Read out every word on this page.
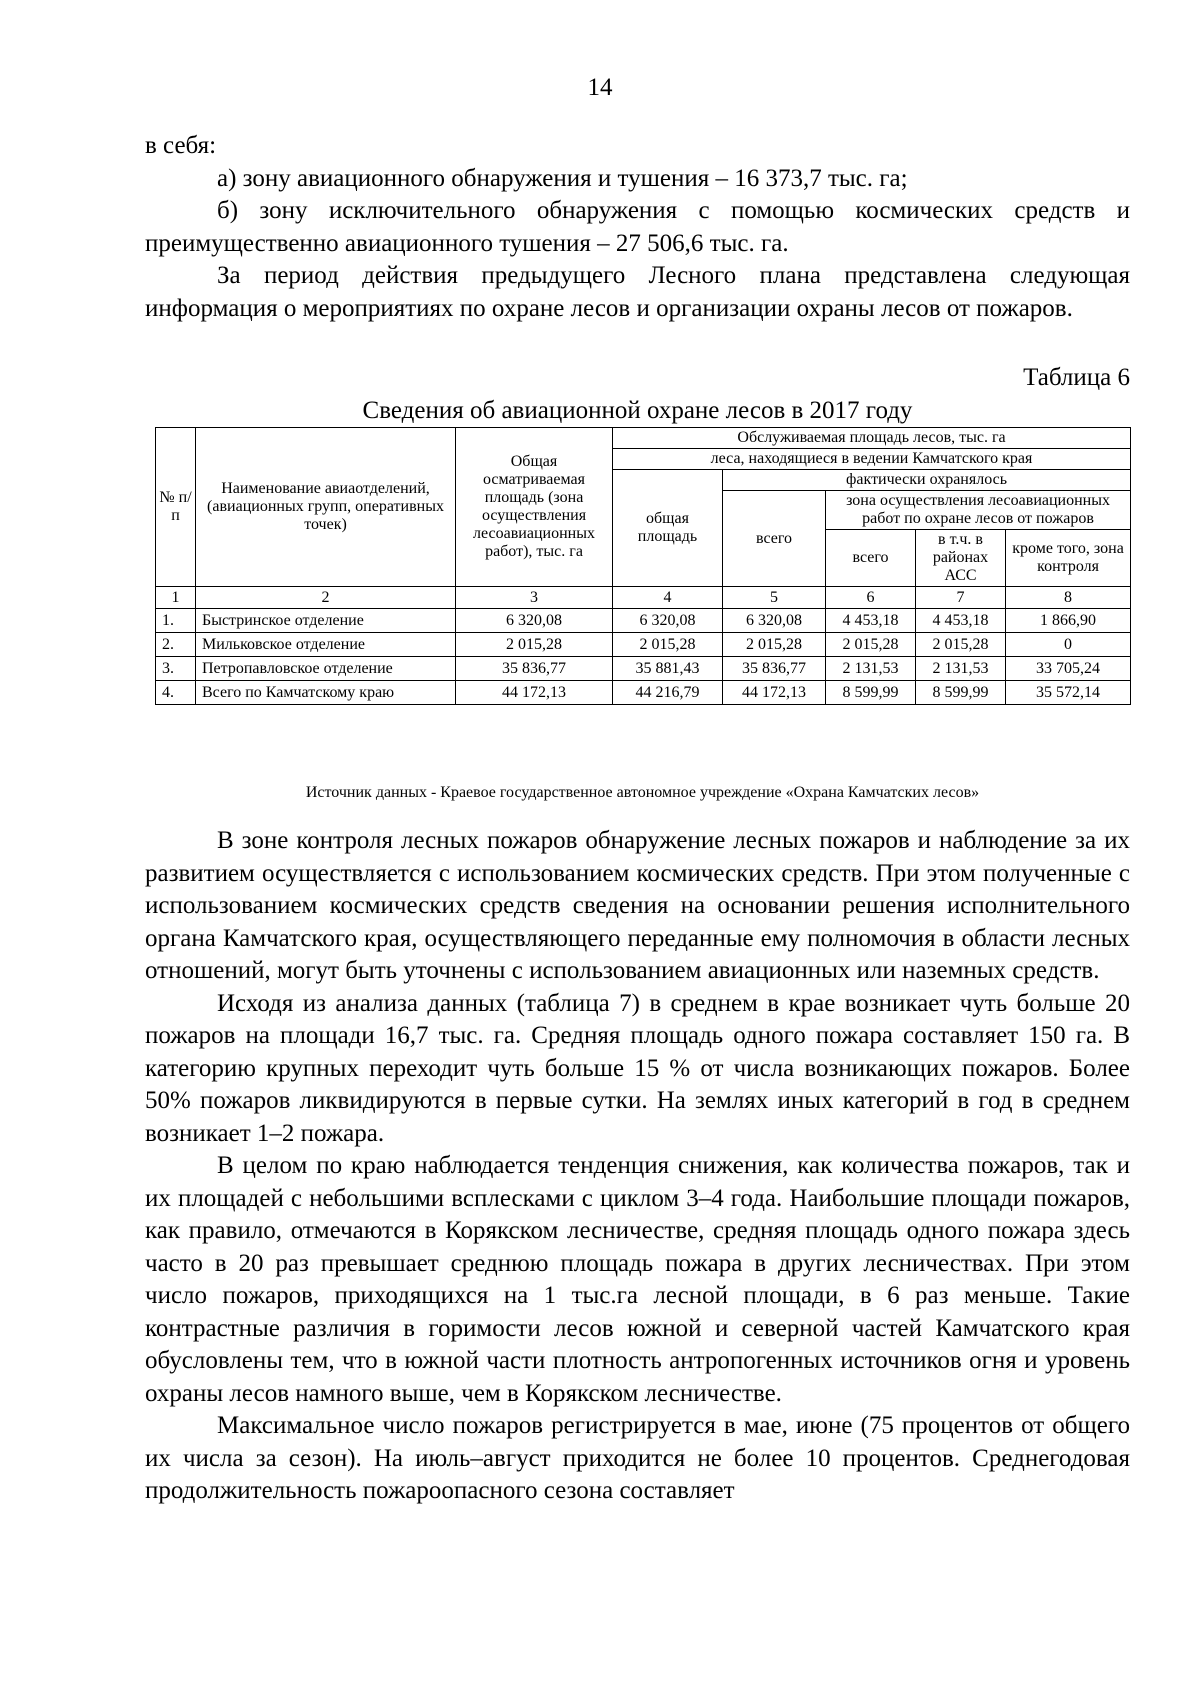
14

в себя:

а) зону авиационного обнаружения и тушения – 16 373,7 тыс. га;

б) зону исключительного обнаружения с помощью космических средств и преимущественно авиационного тушения – 27 506,6 тыс. га.

За период действия предыдущего Лесного плана представлена следующая информация о мероприятиях по охране лесов и организации охраны лесов от пожаров.

Таблица 6
Сведения об авиационной охране лесов в 2017 году
№ п/п	Наименование авиаотделений, (авиационных групп, оперативных точек)	Общая осматриваемая площадь (зона осуществления лесоавиационных работ), тыс. га	Обслуживаемая площадь лесов, тыс. га				
			леса, находящиеся в ведении Камчатского края				
			общая площадь	фактически охранялось			
				всего	зона осуществления лесоавиационных работ по охране лесов от пожаров		
					всего	в т.ч. в районах АСС	кроме того, зона контроля

1	2	3	4	5	6	7	8
1.	Быстринское отделение	6 320,08	6 320,08	6 320,08	4 453,18	4 453,18	1 866,90
2.	Мильковское отделение	2 015,28	2 015,28	2 015,28	2 015,28	2 015,28	0
3.	Петропавловское отделение	35 836,77	35 881,43	35 836,77	2 131,53	2 131,53	33 705,24
4.	Всего по Камчатскому краю	44 172,13	44 216,79	44 172,13	8 599,99	8 599,99	35 572,14
Источник данных - Краевое государственное автономное учреждение «Охрана Камчатских лесов»

В зоне контроля лесных пожаров обнаружение лесных пожаров и наблюдение за их развитием осуществляется с использованием космических средств. При этом полученные с использованием космических средств сведения на основании решения исполнительного органа Камчатского края, осуществляющего переданные ему полномочия в области лесных отношений, могут быть уточнены с использованием авиационных или наземных средств.

Исходя из анализа данных (таблица 7) в среднем в крае возникает чуть больше 20 пожаров на площади 16,7 тыс. га. Средняя площадь одного пожара составляет 150 га. В категорию крупных переходит чуть больше 15 % от числа возникающих пожаров. Более 50% пожаров ликвидируются в первые сутки. На землях иных категорий в год в среднем возникает 1–2 пожара.

В целом по краю наблюдается тенденция снижения, как количества пожаров, так и их площадей с небольшими всплесками с циклом 3–4 года. Наибольшие площади пожаров, как правило, отмечаются в Корякском лесничестве, средняя площадь одного пожара здесь часто в 20 раз превышает среднюю площадь пожара в других лесничествах. При этом число пожаров, приходящихся на 1 тыс.га лесной площади, в 6 раз меньше. Такие контрастные различия в горимости лесов южной и северной частей Камчатского края обусловлены тем, что в южной части плотность антропогенных источников огня и уровень охраны лесов намного выше, чем в Корякском лесничестве.

Максимальное число пожаров регистрируется в мае, июне (75 процентов от общего их числа за сезон). На июль–август приходится не более 10 процентов. Среднегодовая продолжительность пожароопасного сезона составляет
